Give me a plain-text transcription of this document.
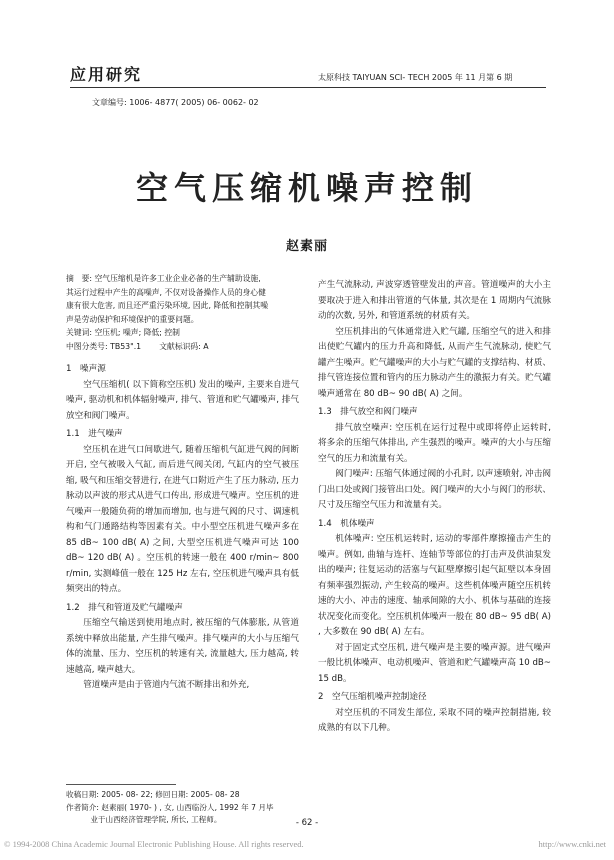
应用研究	太原科技 TAIYUAN SCI- TECH 2005 年 11 月第 6 期
文章编号: 1006- 4877( 2005) 06- 0062- 02
空气压缩机噪声控制
赵素丽
摘　要: 空气压缩机是许多工业企业必备的生产辅助设施,
其运行过程中产生的高噪声, 不仅对设备操作人员的身心健
康有很大危害, 而且还严重污染环境, 因此, 降低和控制其噪
声是劳动保护和环境保护的重要问题。
关键词: 空压机; 噪声; 降低; 控制
中图分类号: TB53".1　　 文献标识码: A
1　噪声源
空气压缩机( 以下简称空压机) 发出的噪声, 主要来自进气噪声, 驱动机和机体辐射噪声, 排气、管道和贮气罐噪声, 排气放空和阀门噪声。
1.1　进气噪声
空压机在进气口间歇进气, 随着压缩机气缸进气阀的间断开启, 空气被吸入气缸, 而后进气阀关闭, 气缸内的空气被压缩, 吸气和压缩交替进行, 在进气口附近产生了压力脉动, 压力脉动以声波的形式从进气口传出, 形成进气噪声。空压机的进气噪声一般随负荷的增加而增加, 也与进气阀的尺寸、调速机构和气门通路结构等因素有关。中小型空压机进气噪声多在 85 dB~ 100 dB( A) 之间, 大型空压机进气噪声可达 100 dB~ 120 dB( A) 。空压机的转速一般在 400 r/min~ 800 r/min, 实测峰值一般在 125 Hz 左右, 空压机进气噪声具有低频突出的特点。
1.2　排气和管道及贮气罐噪声
压缩空气输送到使用地点时, 被压缩的气体膨胀, 从管道系统中释放出能量, 产生排气噪声。排气噪声的大小与压缩气体的流量、压力、空压机的转速有关, 流量越大, 压力越高, 转速越高, 噪声越大。
管道噪声是由于管道内气流不断排出和外充,
收稿日期: 2005- 08- 22; 修回日期: 2005- 08- 28
作者简介: 赵素丽( 1970- ) , 女, 山西临汾人, 1992 年 7 月毕
业于山西经济管理学院, 所长, 工程师。
产生气流脉动, 声波穿透管壁发出的声音。管道噪声的大小主要取决于进入和排出管道的气体量, 其次是在 1 周期内气流脉动的次数, 另外, 和管道系统的材质有关。
空压机排出的气体通常进入贮气罐, 压缩空气的进入和排出使贮气罐内的压力升高和降低, 从而产生气流脉动, 使贮气罐产生噪声。贮气罐噪声的大小与贮气罐的支撑结构、材质、排气管连接位置和管内的压力脉动产生的激振力有关。贮气罐噪声通常在 80 dB~ 90 dB( A) 之间。
1.3　排气放空和阀门噪声
排气放空噪声: 空压机在运行过程中或即将停止运转时, 将多余的压缩气体排出, 产生强烈的噪声。噪声的大小与压缩空气的压力和流量有关。
阀门噪声: 压缩气体通过阀的小孔时, 以声速喷射, 冲击阀门出口处或阀门接管出口处。阀门噪声的大小与阀门的形状、尺寸及压缩空气压力和流量有关。
1.4　机体噪声
机体噪声: 空压机运转时, 运动的零部件摩擦撞击产生的噪声。例如, 曲轴与连杆、连轴节等部位的打击声及供油泵发出的噪声; 往复运动的活塞与气缸壁摩擦引起气缸壁以本身固有频率强烈振动, 产生较高的噪声。这些机体噪声随空压机转速的大小、冲击的速度、轴承间隙的大小、机体与基础的连接状况变化而变化。空压机机体噪声一般在 80 dB~ 95 dB( A) , 大多数在 90 dB( A) 左右。
对于固定式空压机, 进气噪声是主要的噪声源。进气噪声一般比机体噪声、电动机噪声、管道和贮气罐噪声高 10 dB~ 15 dB。
2　空气压缩机噪声控制途径
对空压机的不同发生部位, 采取不同的噪声控制措施, 较成熟的有以下几种。
- 62 -
© 1994-2008 China Academic Journal Electronic Publishing House. All rights reserved.	http://www.cnki.net
